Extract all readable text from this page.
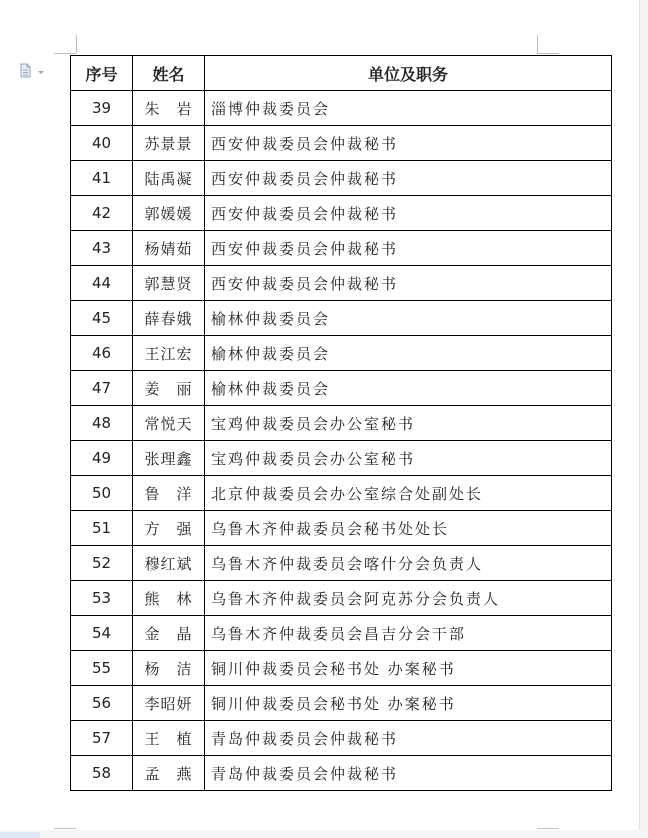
序号	姓名	单位及职务
39	朱　岩	淄博仲裁委员会
40	苏景景	西安仲裁委员会仲裁秘书
41	陆禹凝	西安仲裁委员会仲裁秘书
42	郭媛媛	西安仲裁委员会仲裁秘书
43	杨婧茹	西安仲裁委员会仲裁秘书
44	郭慧贤	西安仲裁委员会仲裁秘书
45	薛春娥	榆林仲裁委员会
46	王江宏	榆林仲裁委员会
47	姜　丽	榆林仲裁委员会
48	常悦天	宝鸡仲裁委员会办公室秘书
49	张理鑫	宝鸡仲裁委员会办公室秘书
50	鲁　洋	北京仲裁委员会办公室综合处副处长
51	方　强	乌鲁木齐仲裁委员会秘书处处长
52	穆红斌	乌鲁木齐仲裁委员会喀什分会负责人
53	熊　林	乌鲁木齐仲裁委员会阿克苏分会负责人
54	金　晶	乌鲁木齐仲裁委员会昌吉分会干部
55	杨　洁	铜川仲裁委员会秘书处 办案秘书
56	李昭妍	铜川仲裁委员会秘书处 办案秘书
57	王　植	青岛仲裁委员会仲裁秘书
58	孟　燕	青岛仲裁委员会仲裁秘书
